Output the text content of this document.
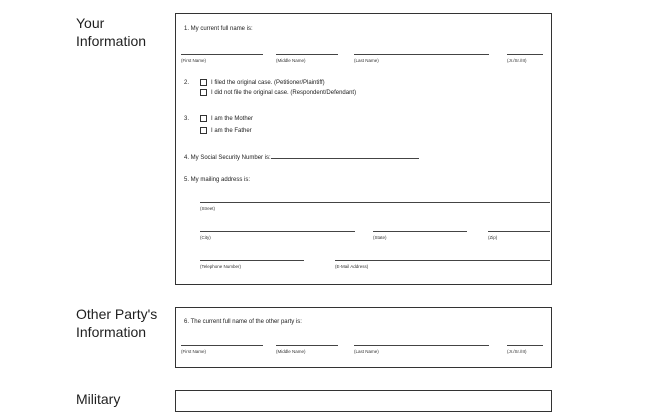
Your Information
1. My current full name is:
(First Name)	(Middle Name)	(Last Name)	(Jr./Sr./III)
2.	I filed the original case. (Petitioner/Plaintiff)
I did not file the original case. (Respondent/Defendant)
3.	I am the Mother
I am the Father
4. My Social Security Number is:
5. My mailing address is:
(Street)
(City)	(State)	(Zip)
(Telephone Number)	(E-Mail Address)
Other Party's Information
6. The current full name of the other party is:
(First Name)	(Middle Name)	(Last Name)	(Jr./Sr./III)
Military
